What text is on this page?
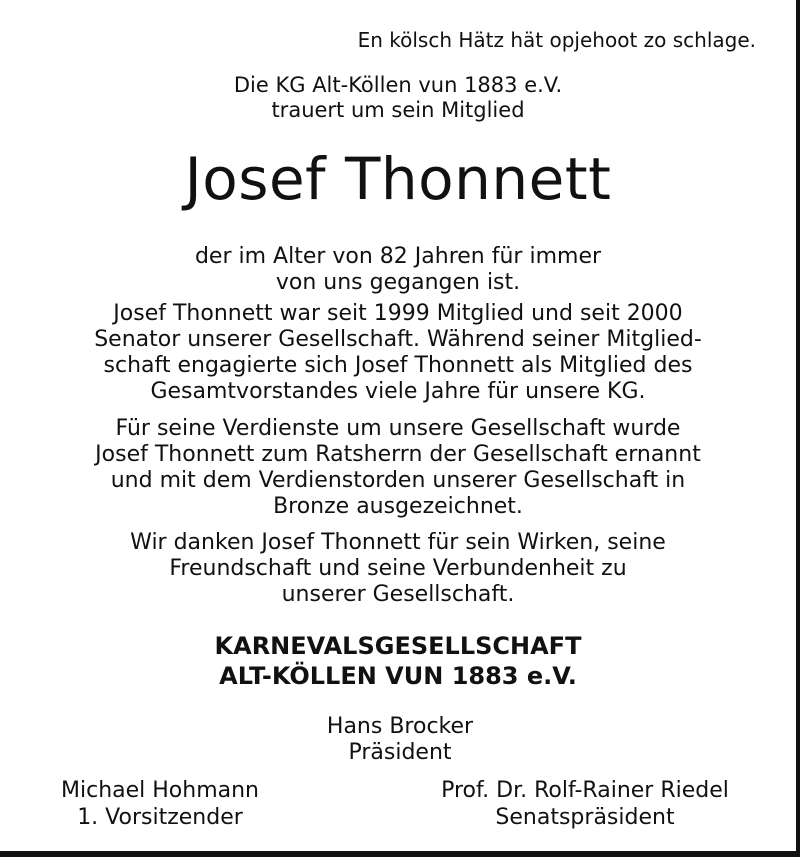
En kölsch Hätz hät opjehoot zo schlage.
Die KG Alt-Köllen vun 1883 e.V.
trauert um sein Mitglied
Josef Thonnett
der im Alter von 82 Jahren für immer
von uns gegangen ist.
Josef Thonnett war seit 1999 Mitglied und seit 2000
Senator unserer Gesellschaft. Während seiner Mitglied-
schaft engagierte sich Josef Thonnett als Mitglied des
Gesamtvorstandes viele Jahre für unsere KG.
Für seine Verdienste um unsere Gesellschaft wurde
Josef Thonnett zum Ratsherrn der Gesellschaft ernannt
und mit dem Verdienstorden unserer Gesellschaft in
Bronze ausgezeichnet.
Wir danken Josef Thonnett für sein Wirken, seine
Freundschaft und seine Verbundenheit zu
unserer Gesellschaft.
KARNEVALSGESELLSCHAFT
ALT-KÖLLEN VUN 1883 e.V.
Hans Brocker
Präsident
Michael Hohmann
1. Vorsitzender
Prof. Dr. Rolf-Rainer Riedel
Senatspräsident
